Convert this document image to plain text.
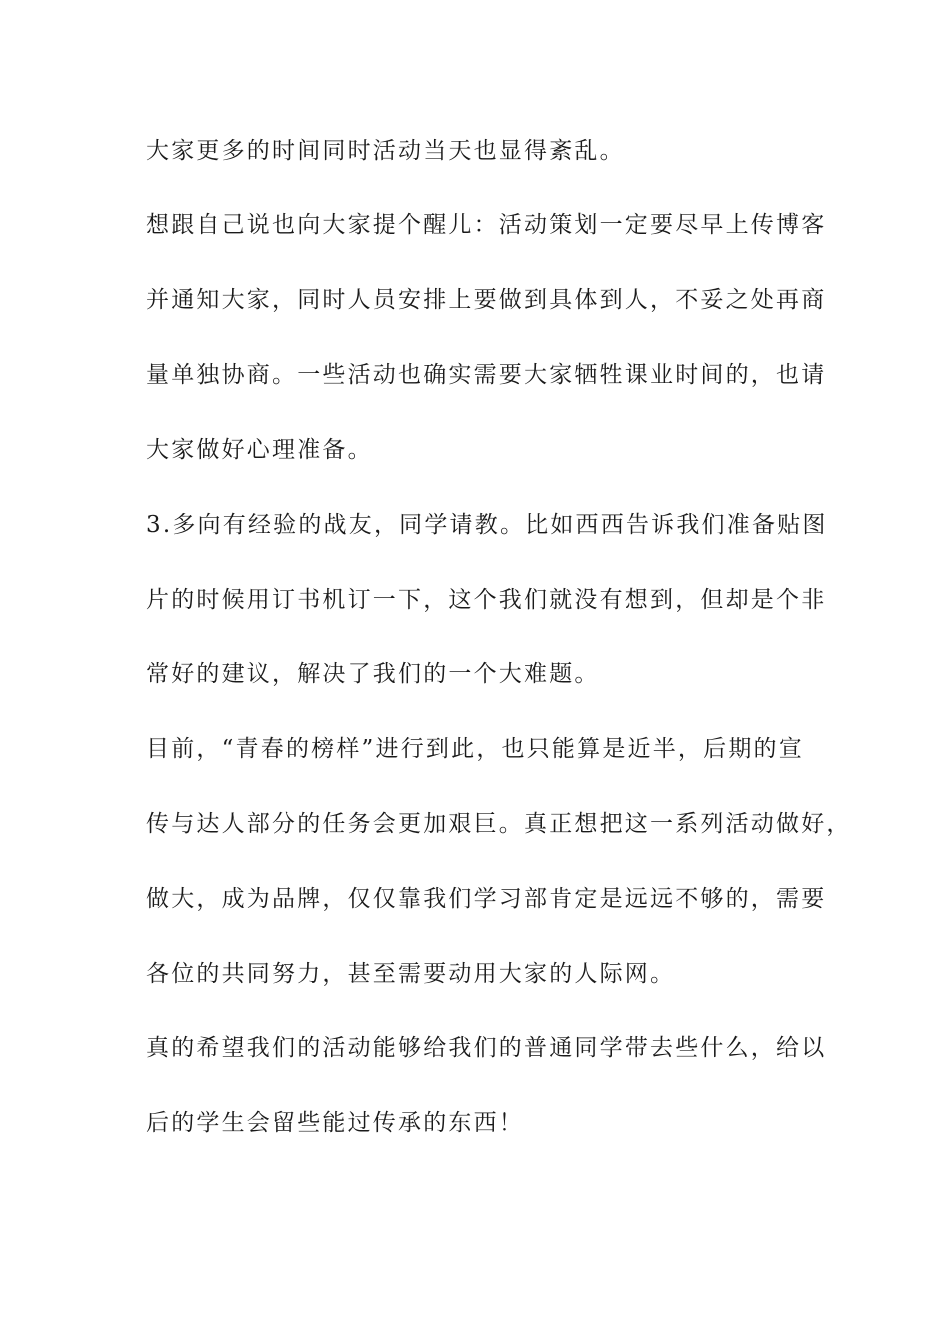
大家更多的时间同时活动当天也显得紊乱。
想跟自己说也向大家提个醒儿：活动策划一定要尽早上传博客
并通知大家，同时人员安排上要做到具体到人，不妥之处再商
量单独协商。一些活动也确实需要大家牺牲课业时间的，也请
大家做好心理准备。
3.多向有经验的战友，同学请教。比如西西告诉我们准备贴图
片的时候用订书机订一下，这个我们就没有想到，但却是个非
常好的建议，解决了我们的一个大难题。
目前，“青春的榜样”进行到此，也只能算是近半，后期的宣
传与达人部分的任务会更加艰巨。真正想把这一系列活动做好，
做大，成为品牌，仅仅靠我们学习部肯定是远远不够的，需要
各位的共同努力，甚至需要动用大家的人际网。
真的希望我们的活动能够给我们的普通同学带去些什么，给以
后的学生会留些能过传承的东西！
